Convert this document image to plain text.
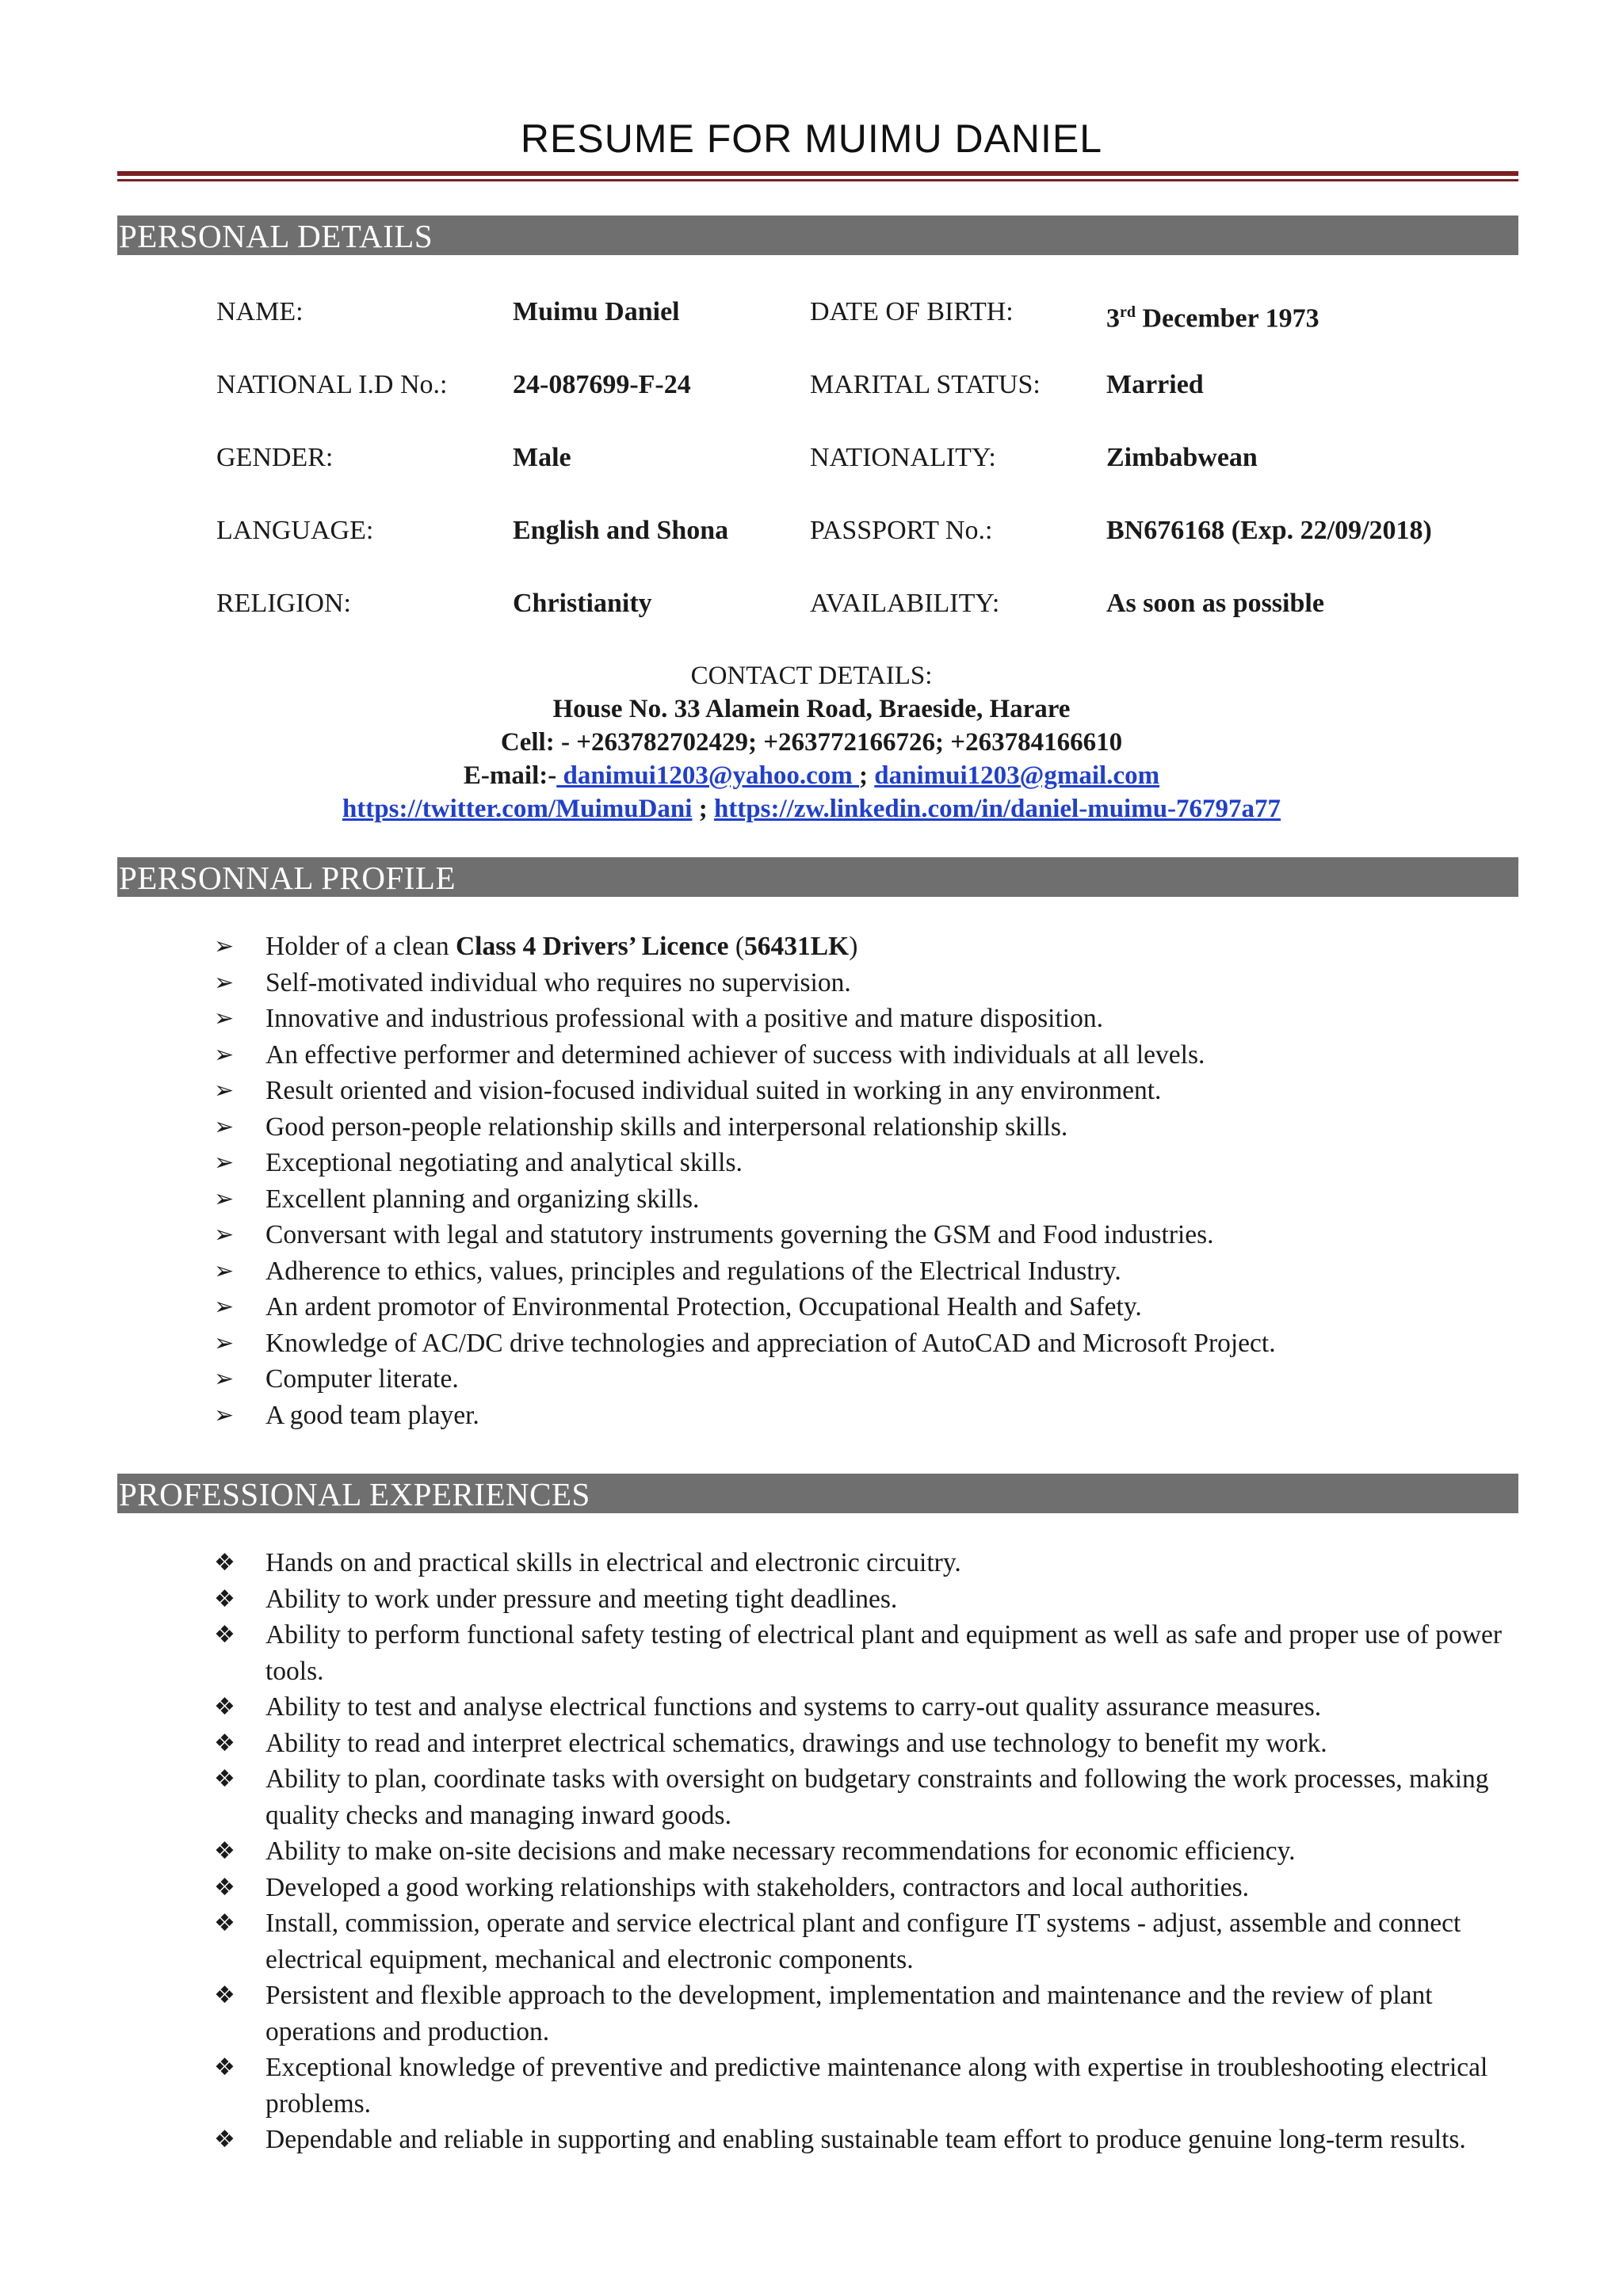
RESUME FOR MUIMU DANIEL
PERSONAL DETAILS
NAME:	Muimu Daniel	DATE OF BIRTH:	3rd December 1973
NATIONAL I.D No.: 24-087699-F-24	MARITAL STATUS: Married
GENDER:	Male	NATIONALITY:	Zimbabwean
LANGUAGE:	English and Shona	PASSPORT No.:	BN676168 (Exp. 22/09/2018)
RELIGION:	Christianity	AVAILABILITY:	As soon as possible
CONTACT DETAILS:
House No. 33 Alamein Road, Braeside, Harare
Cell: - +263782702429; +263772166726; +263784166610
E-mail:- danimui1203@yahoo.com ; danimui1203@gmail.com
https://twitter.com/MuimuDani ; https://zw.linkedin.com/in/daniel-muimu-76797a77
PERSONNAL PROFILE
➢	Holder of a clean Class 4 Drivers’ Licence (56431LK)
➢	Self-motivated individual who requires no supervision.
➢	Innovative and industrious professional with a positive and mature disposition.
➢	An effective performer and determined achiever of success with individuals at all levels.
➢	Result oriented and vision-focused individual suited in working in any environment.
➢	Good person-people relationship skills and interpersonal relationship skills.
➢	Exceptional negotiating and analytical skills.
➢	Excellent planning and organizing skills.
➢	Conversant with legal and statutory instruments governing the GSM and Food industries.
➢	Adherence to ethics, values, principles and regulations of the Electrical Industry.
➢	An ardent promotor of Environmental Protection, Occupational Health and Safety.
➢	Knowledge of AC/DC drive technologies and appreciation of AutoCAD and Microsoft Project.
➢	Computer literate.
➢	A good team player.
PROFESSIONAL EXPERIENCES
❖	Hands on and practical skills in electrical and electronic circuitry.
❖	Ability to work under pressure and meeting tight deadlines.
❖	Ability to perform functional safety testing of electrical plant and equipment as well as safe and proper use of power tools.
❖	Ability to test and analyse electrical functions and systems to carry-out quality assurance measures.
❖	Ability to read and interpret electrical schematics, drawings and use technology to benefit my work.
❖	Ability to plan, coordinate tasks with oversight on budgetary constraints and following the work processes, making quality checks and managing inward goods.
❖	Ability to make on-site decisions and make necessary recommendations for economic efficiency.
❖	Developed a good working relationships with stakeholders, contractors and local authorities.
❖	Install, commission, operate and service electrical plant and configure IT systems - adjust, assemble and connect electrical equipment, mechanical and electronic components.
❖	Persistent and flexible approach to the development, implementation and maintenance and the review of plant operations and production.
❖	Exceptional knowledge of preventive and predictive maintenance along with expertise in troubleshooting electrical problems.
❖	Dependable and reliable in supporting and enabling sustainable team effort to produce genuine long-term results.
